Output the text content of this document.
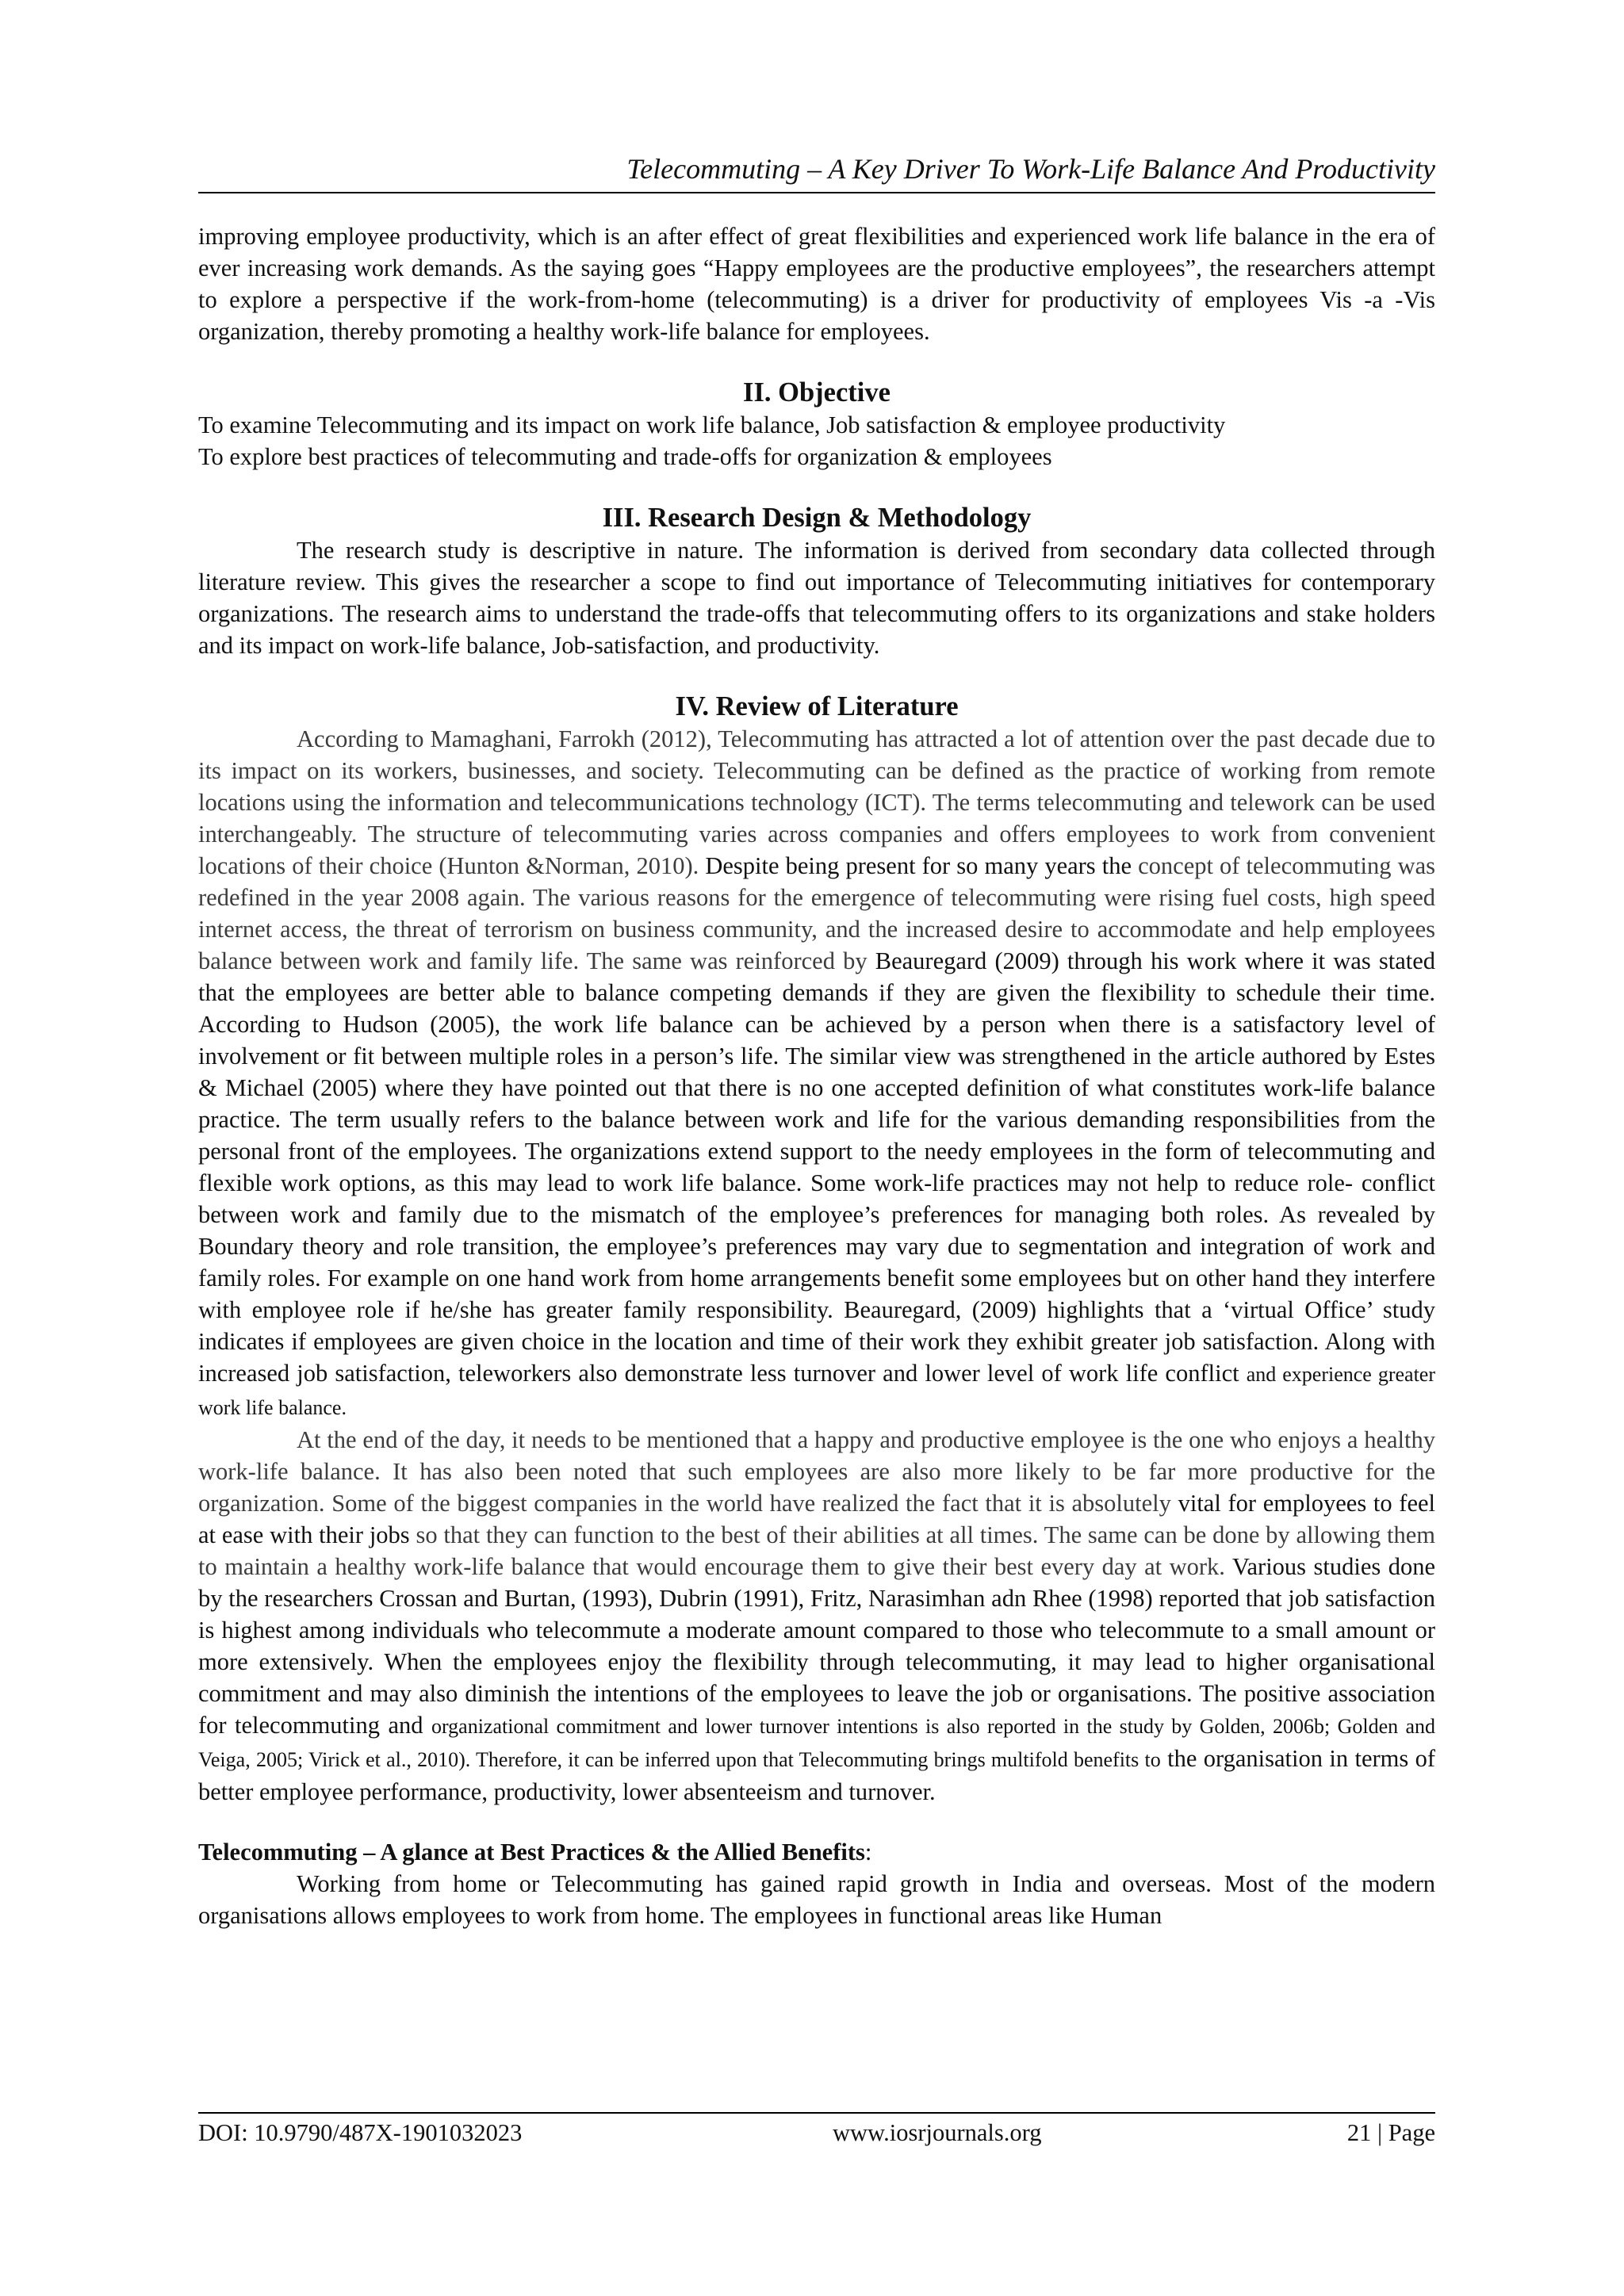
Telecommuting – A Key Driver To Work-Life Balance And Productivity

improving employee productivity, which is an after effect of great flexibilities and experienced work life balance in the era of ever increasing work demands. As the saying goes “Happy employees are the productive employees”, the researchers attempt to explore a perspective if the work-from-home (telecommuting) is a driver for productivity of employees Vis -a -Vis organization, thereby promoting a healthy work-life balance for employees.

II. Objective

To examine Telecommuting and its impact on work life balance, Job satisfaction & employee productivity

To explore best practices of telecommuting and trade-offs for organization & employees

III. Research Design & Methodology

The research study is descriptive in nature. The information is derived from secondary data collected through literature review. This gives the researcher a scope to find out importance of Telecommuting initiatives for contemporary organizations. The research aims to understand the trade-offs that telecommuting offers to its organizations and stake holders and its impact on work-life balance, Job-satisfaction, and productivity.

IV. Review of Literature

According to Mamaghani, Farrokh (2012), Telecommuting has attracted a lot of attention over the past decade due to its impact on its workers, businesses, and society. Telecommuting can be defined as the practice of working from remote locations using the information and telecommunications technology (ICT). The terms telecommuting and telework can be used interchangeably. The structure of telecommuting varies across companies and offers employees to work from convenient locations of their choice (Hunton &Norman, 2010). Despite being present for so many years the concept of telecommuting was redefined in the year 2008 again. The various reasons for the emergence of telecommuting were rising fuel costs, high speed internet access, the threat of terrorism on business community, and the increased desire to accommodate and help employees balance between work and family life. The same was reinforced by Beauregard (2009) through his work where it was stated that the employees are better able to balance competing demands if they are given the flexibility to schedule their time. According to Hudson (2005), the work life balance can be achieved by a person when there is a satisfactory level of involvement or fit between multiple roles in a person’s life. The similar view was strengthened in the article authored by Estes & Michael (2005) where they have pointed out that there is no one accepted definition of what constitutes work-life balance practice. The term usually refers to the balance between work and life for the various demanding responsibilities from the personal front of the employees. The organizations extend support to the needy employees in the form of telecommuting and flexible work options, as this may lead to work life balance. Some work-life practices may not help to reduce role- conflict between work and family due to the mismatch of the employee’s preferences for managing both roles. As revealed by Boundary theory and role transition, the employee’s preferences may vary due to segmentation and integration of work and family roles. For example on one hand work from home arrangements benefit some employees but on other hand they interfere with employee role if he/she has greater family responsibility. Beauregard, (2009) highlights that a ‘virtual Office’ study indicates if employees are given choice in the location and time of their work they exhibit greater job satisfaction. Along with increased job satisfaction, teleworkers also demonstrate less turnover and lower level of work life conflict and experience greater work life balance.

At the end of the day, it needs to be mentioned that a happy and productive employee is the one who enjoys a healthy work-life balance. It has also been noted that such employees are also more likely to be far more productive for the organization. Some of the biggest companies in the world have realized the fact that it is absolutely vital for employees to feel at ease with their jobs so that they can function to the best of their abilities at all times. The same can be done by allowing them to maintain a healthy work-life balance that would encourage them to give their best every day at work. Various studies done by the researchers Crossan and Burtan, (1993), Dubrin (1991), Fritz, Narasimhan adn Rhee (1998) reported that job satisfaction is highest among individuals who telecommute a moderate amount compared to those who telecommute to a small amount or more extensively. When the employees enjoy the flexibility through telecommuting, it may lead to higher organisational commitment and may also diminish the intentions of the employees to leave the job or organisations. The positive association for telecommuting and organizational commitment and lower turnover intentions is also reported in the study by Golden, 2006b; Golden and Veiga, 2005; Virick et al., 2010). Therefore, it can be inferred upon that Telecommuting brings multifold benefits to the organisation in terms of better employee performance, productivity, lower absenteeism and turnover.

Telecommuting – A glance at Best Practices & the Allied Benefits:

Working from home or Telecommuting has gained rapid growth in India and overseas. Most of the modern organisations allows employees to work from home. The employees in functional areas like Human

DOI: 10.9790/487X-1901032023	www.iosrjournals.org	21 | Page
